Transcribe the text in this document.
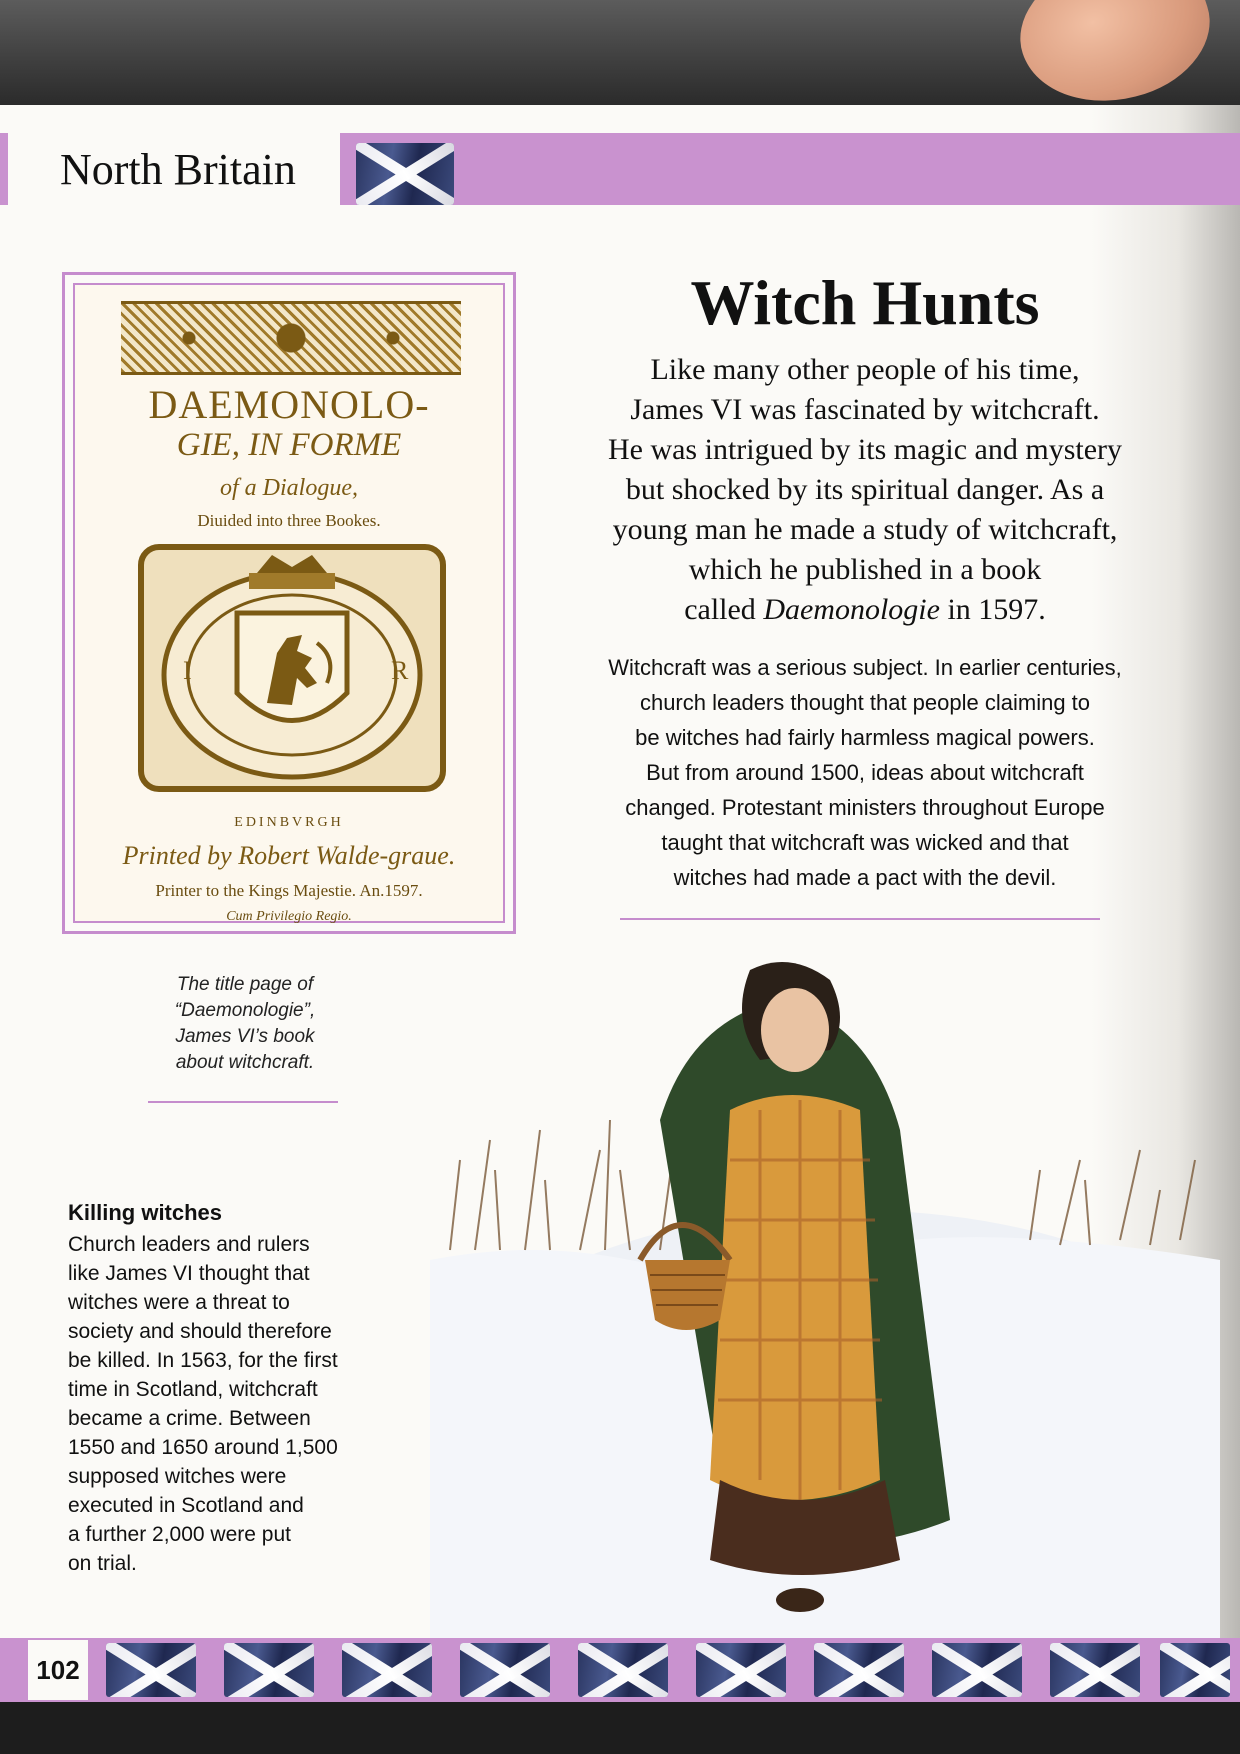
North Britain
DAEMONOLO-
GIE, IN FORME
of a Dialogue,
Diuided into three Bookes.
I	R
EDINBVRGH
Printed by Robert Walde-graue.
Printer to the Kings Majestie. An.1597.
Cum Privilegio Regio.
The title page of
“Daemonologie”,
James VI’s book
about witchcraft.
Witch Hunts

Like many other people of his time,

James VI was fascinated by witchcraft.

He was intrigued by its magic and mystery

but shocked by its spiritual danger. As a

young man he made a study of witchcraft,

which he published in a book

called Daemonologie in 1597.

Witchcraft was a serious subject. In earlier centuries,

church leaders thought that people claiming to

be witches had fairly harmless magical powers.

But from around 1500, ideas about witchcraft

changed. Protestant ministers throughout Europe

taught that witchcraft was wicked and that

witches had made a pact with the devil.

Killing witches

Church leaders and rulers

like James VI thought that

witches were a threat to

society and should therefore

be killed. In 1563, for the first

time in Scotland, witchcraft

became a crime. Between

1550 and 1650 around 1,500

supposed witches were

executed in Scotland and

a further 2,000 were put

on trial.

102
